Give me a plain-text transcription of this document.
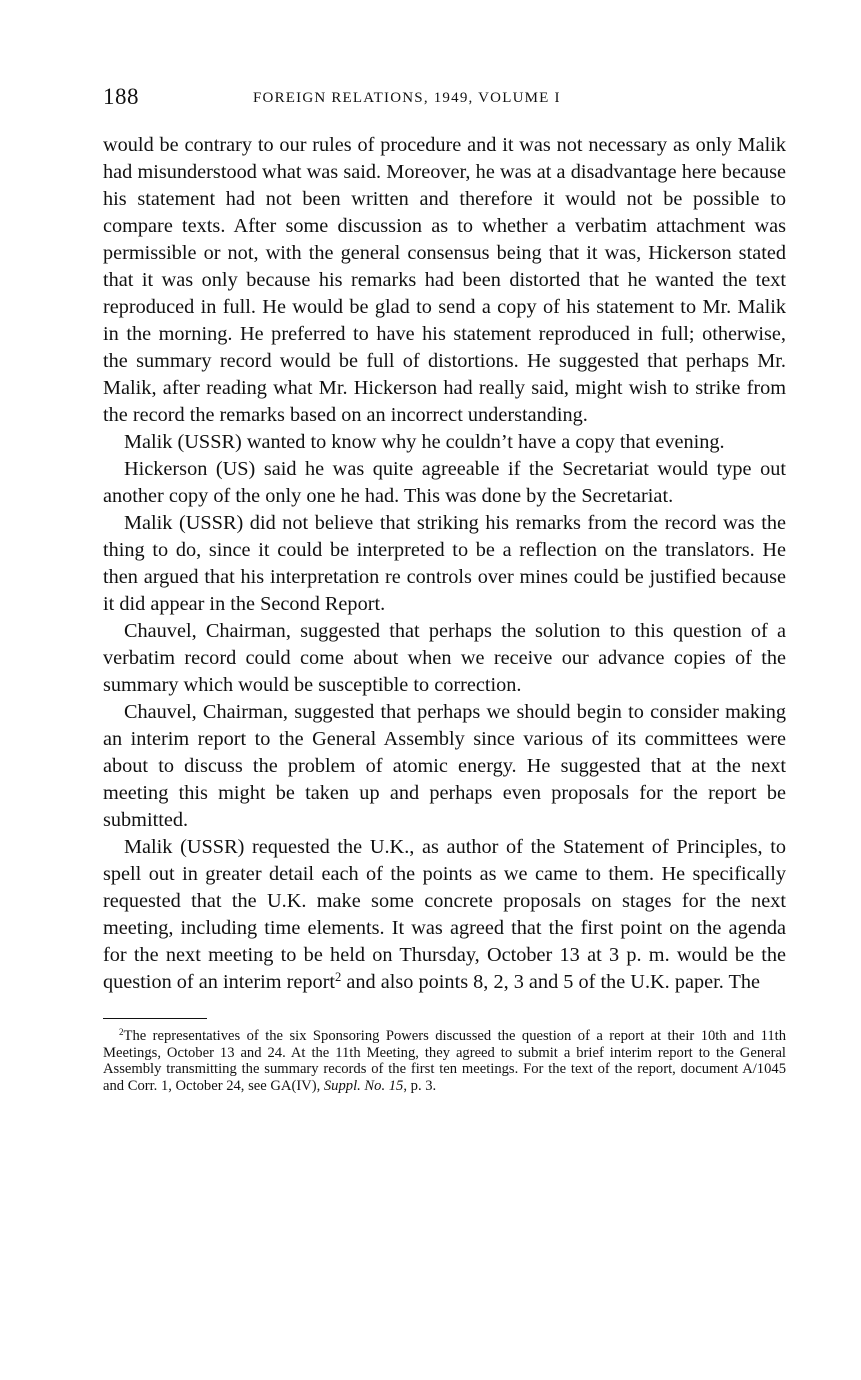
188	FOREIGN RELATIONS, 1949, VOLUME I

would be contrary to our rules of procedure and it was not necessary as only Malik had misunderstood what was said. Moreover, he was at a disadvantage here because his statement had not been written and therefore it would not be possible to compare texts. After some discussion as to whether a verbatim attachment was permissible or not, with the general consensus being that it was, Hickerson stated that it was only because his remarks had been distorted that he wanted the text reproduced in full. He would be glad to send a copy of his statement to Mr. Malik in the morning. He preferred to have his statement reproduced in full; otherwise, the summary record would be full of distortions. He suggested that perhaps Mr. Malik, after reading what Mr. Hickerson had really said, might wish to strike from the record the remarks based on an incorrect understanding.

Malik (USSR) wanted to know why he couldn’t have a copy that evening.

Hickerson (US) said he was quite agreeable if the Secretariat would type out another copy of the only one he had. This was done by the Secretariat.

Malik (USSR) did not believe that striking his remarks from the record was the thing to do, since it could be interpreted to be a reflection on the translators. He then argued that his interpretation re controls over mines could be justified because it did appear in the Second Report.

Chauvel, Chairman, suggested that perhaps the solution to this question of a verbatim record could come about when we receive our advance copies of the summary which would be susceptible to correction.

Chauvel, Chairman, suggested that perhaps we should begin to consider making an interim report to the General Assembly since various of its committees were about to discuss the problem of atomic energy. He suggested that at the next meeting this might be taken up and perhaps even proposals for the report be submitted.

Malik (USSR) requested the U.K., as author of the Statement of Principles, to spell out in greater detail each of the points as we came to them. He specifically requested that the U.K. make some concrete proposals on stages for the next meeting, including time elements. It was agreed that the first point on the agenda for the next meeting to be held on Thursday, October 13 at 3 p. m. would be the question of an interim report$^2$ and also points 8, 2, 3 and 5 of the U.K. paper. The

$^2$The representatives of the six Sponsoring Powers discussed the question of a report at their 10th and 11th Meetings, October 13 and 24. At the 11th Meeting, they agreed to submit a brief interim report to the General Assembly transmitting the summary records of the first ten meetings. For the text of the report, document A/1045 and Corr. 1, October 24, see GA(IV), Suppl. No. 15, p. 3.
